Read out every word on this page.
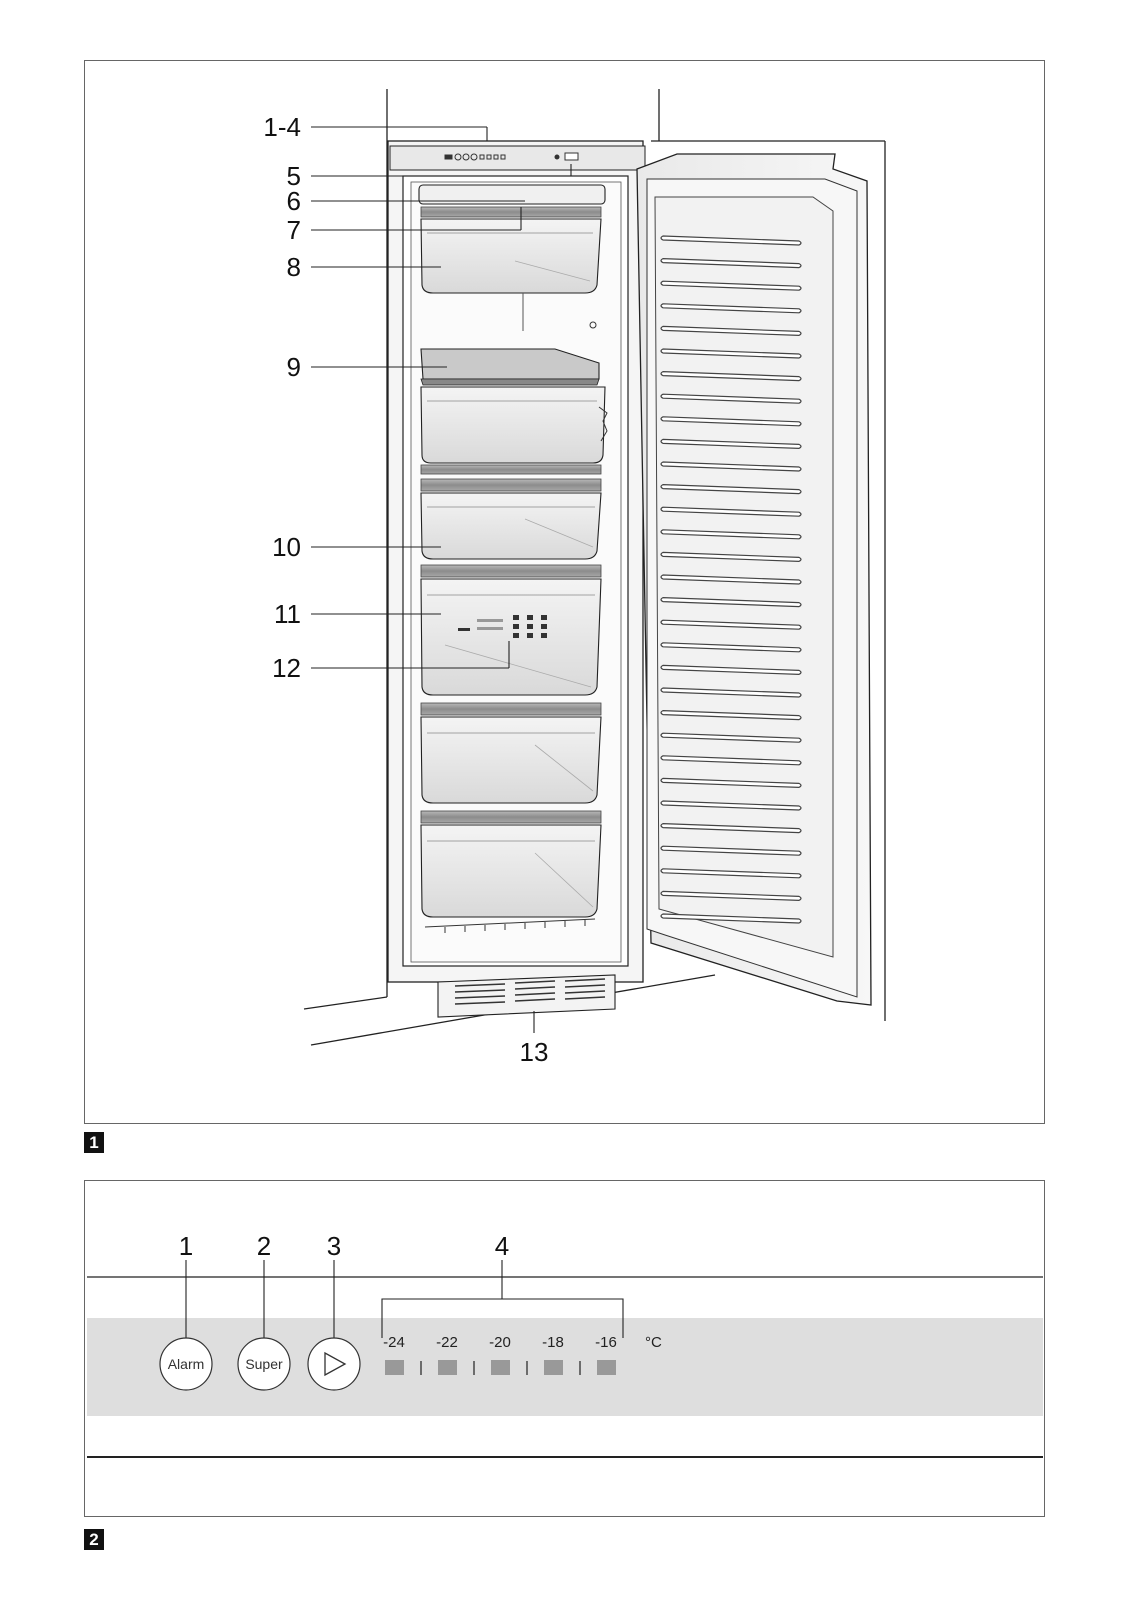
1-4
5
6
7
8
9
10
11
12
13
1
1 2 3	4
Alarm	Super
-24 -22 -20 -18 -16 °C
2
